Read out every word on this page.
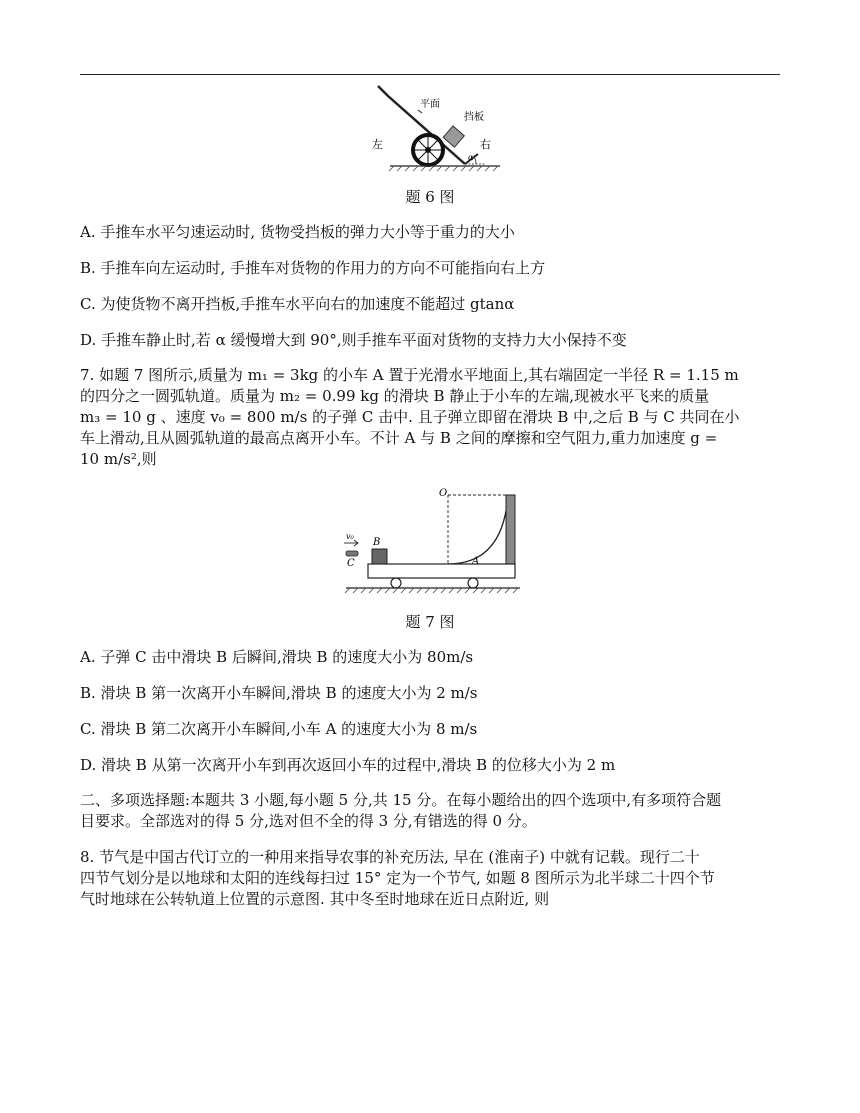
平面
挡板
左	右
α
题 6 图
A. 手推车水平匀速运动时, 货物受挡板的弹力大小等于重力的大小
B. 手推车向左运动时, 手推车对货物的作用力的方向不可能指向右上方
C. 为使货物不离开挡板,手推车水平向右的加速度不能超过 gtanα
D. 手推车静止时,若 α 缓慢增大到 90°,则手推车平面对货物的支持力大小保持不变
7. 如题 7 图所示,质量为 m₁ = 3kg 的小车 A 置于光滑水平地面上,其右端固定一半径 R = 1.15 m
的四分之一圆弧轨道。质量为 m₂ = 0.99 kg 的滑块 B 静止于小车的左端,现被水平飞来的质量
m₃ = 10 g 、速度 v₀ = 800 m/s 的子弹 C 击中. 且子弹立即留在滑块 B 中,之后 B 与 C 共同在小
车上滑动,且从圆弧轨道的最高点离开小车。不计 A 与 B 之间的摩擦和空气阻力,重力加速度 g =
10 m/s²,则
O
v₀
B
C	A
题 7 图
A. 子弹 C 击中滑块 B 后瞬间,滑块 B 的速度大小为 80m/s
B. 滑块 B 第一次离开小车瞬间,滑块 B 的速度大小为 2 m/s
C. 滑块 B 第二次离开小车瞬间,小车 A 的速度大小为 8 m/s
D. 滑块 B 从第一次离开小车到再次返回小车的过程中,滑块 B 的位移大小为 2 m
二、多项选择题:本题共 3 小题,每小题 5 分,共 15 分。在每小题给出的四个选项中,有多项符合题
目要求。全部选对的得 5 分,选对但不全的得 3 分,有错选的得 0 分。
8. 节气是中国古代订立的一种用来指导农事的补充历法, 早在 (淮南子) 中就有记载。现行二十
四节气划分是以地球和太阳的连线每扫过 15° 定为一个节气, 如题 8 图所示为北半球二十四个节
气时地球在公转轨道上位置的示意图. 其中冬至时地球在近日点附近, 则
